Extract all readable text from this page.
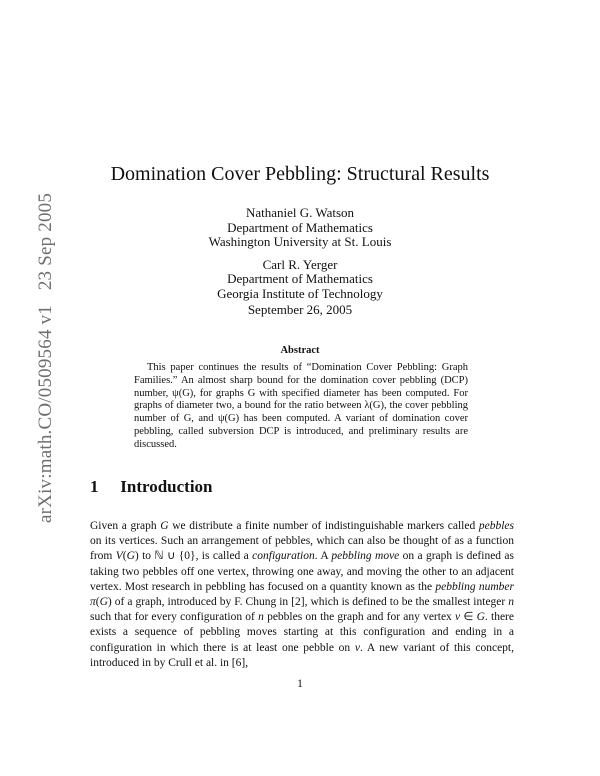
arXiv:math.CO/0509564 v1   23 Sep 2005
Domination Cover Pebbling: Structural Results
Nathaniel G. Watson
Department of Mathematics
Washington University at St. Louis
Carl R. Yerger
Department of Mathematics
Georgia Institute of Technology
September 26, 2005
Abstract
This paper continues the results of “Domination Cover Pebbling: Graph Families.” An almost sharp bound for the domination cover pebbling (DCP) number, ψ(G), for graphs G with specified diameter has been computed. For graphs of diameter two, a bound for the ratio between λ(G), the cover pebbling number of G, and ψ(G) has been computed. A variant of domination cover pebbling, called subversion DCP is introduced, and preliminary results are discussed.
1 Introduction

Given a graph G we distribute a finite number of indistinguishable markers called pebbles on its vertices. Such an arrangement of pebbles, which can also be thought of as a function from V(G) to ℕ ∪ {0}, is called a configuration. A pebbling move on a graph is defined as taking two pebbles off one vertex, throwing one away, and moving the other to an adjacent vertex. Most research in pebbling has focused on a quantity known as the pebbling number π(G) of a graph, introduced by F. Chung in [2], which is defined to be the smallest integer n such that for every configuration of n pebbles on the graph and for any vertex v ∈ G. there exists a sequence of pebbling moves starting at this configuration and ending in a configuration in which there is at least one pebble on v. A new variant of this concept, introduced in by Crull et al. in [6],

1
